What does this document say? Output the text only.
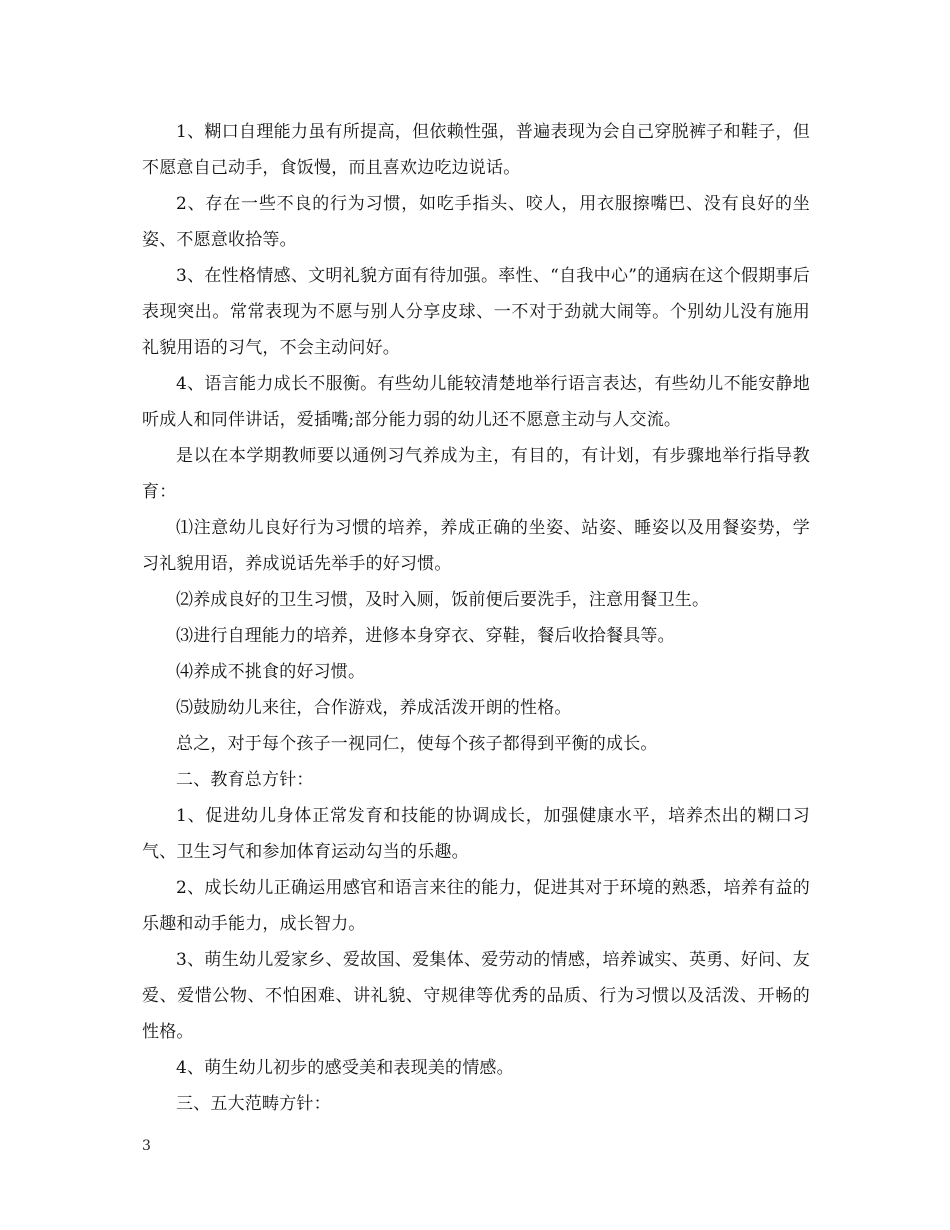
1、糊口自理能力虽有所提高，但依赖性强，普遍表现为会自己穿脱裤子和鞋子，但不愿意自己动手，食饭慢，而且喜欢边吃边说话。

2、存在一些不良的行为习惯，如吃手指头、咬人，用衣服擦嘴巴、没有良好的坐姿、不愿意收拾等。

3、在性格情感、文明礼貌方面有待加强。率性、“自我中心”的通病在这个假期事后表现突出。常常表现为不愿与别人分享皮球、一不对于劲就大闹等。个别幼儿没有施用礼貌用语的习气，不会主动问好。

4、语言能力成长不服衡。有些幼儿能较清楚地举行语言表达，有些幼儿不能安静地听成人和同伴讲话，爱插嘴;部分能力弱的幼儿还不愿意主动与人交流。

是以在本学期教师要以通例习气养成为主，有目的，有计划，有步骤地举行指导教育：

⑴注意幼儿良好行为习惯的培养，养成正确的坐姿、站姿、睡姿以及用餐姿势，学习礼貌用语，养成说话先举手的好习惯。

⑵养成良好的卫生习惯，及时入厕，饭前便后要洗手，注意用餐卫生。

⑶进行自理能力的培养，进修本身穿衣、穿鞋，餐后收拾餐具等。

⑷养成不挑食的好习惯。

⑸鼓励幼儿来往，合作游戏，养成活泼开朗的性格。

总之，对于每个孩子一视同仁，使每个孩子都得到平衡的成长。

二、教育总方针：

1、促进幼儿身体正常发育和技能的协调成长，加强健康水平，培养杰出的糊口习气、卫生习气和参加体育运动勾当的乐趣。

2、成长幼儿正确运用感官和语言来往的能力，促进其对于环境的熟悉，培养有益的乐趣和动手能力，成长智力。

3、萌生幼儿爱家乡、爱故国、爱集体、爱劳动的情感，培养诚实、英勇、好问、友爱、爱惜公物、不怕困难、讲礼貌、守规律等优秀的品质、行为习惯以及活泼、开畅的性格。

4、萌生幼儿初步的感受美和表现美的情感。

三、五大范畴方针：

3
